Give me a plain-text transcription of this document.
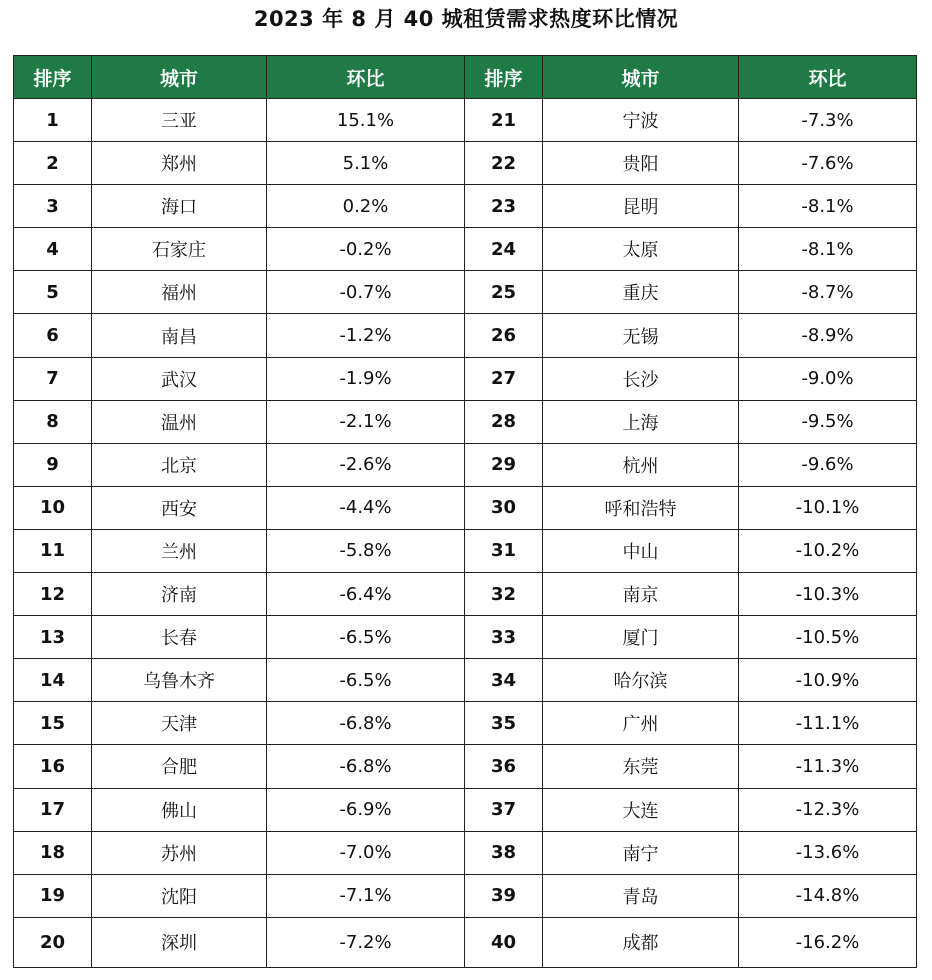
2023 年 8 月 40 城租赁需求热度环比情况
排序	城市	环比	排序	城市	环比
1	三亚	15.1%	21	宁波	-7.3%
2	郑州	5.1%	22	贵阳	-7.6%
3	海口	0.2%	23	昆明	-8.1%
4	石家庄	-0.2%	24	太原	-8.1%
5	福州	-0.7%	25	重庆	-8.7%
6	南昌	-1.2%	26	无锡	-8.9%
7	武汉	-1.9%	27	长沙	-9.0%
8	温州	-2.1%	28	上海	-9.5%
9	北京	-2.6%	29	杭州	-9.6%
10	西安	-4.4%	30	呼和浩特	-10.1%
11	兰州	-5.8%	31	中山	-10.2%
12	济南	-6.4%	32	南京	-10.3%
13	长春	-6.5%	33	厦门	-10.5%
14	乌鲁木齐	-6.5%	34	哈尔滨	-10.9%
15	天津	-6.8%	35	广州	-11.1%
16	合肥	-6.8%	36	东莞	-11.3%
17	佛山	-6.9%	37	大连	-12.3%
18	苏州	-7.0%	38	南宁	-13.6%
19	沈阳	-7.1%	39	青岛	-14.8%
20	深圳	-7.2%	40	成都	-16.2%
